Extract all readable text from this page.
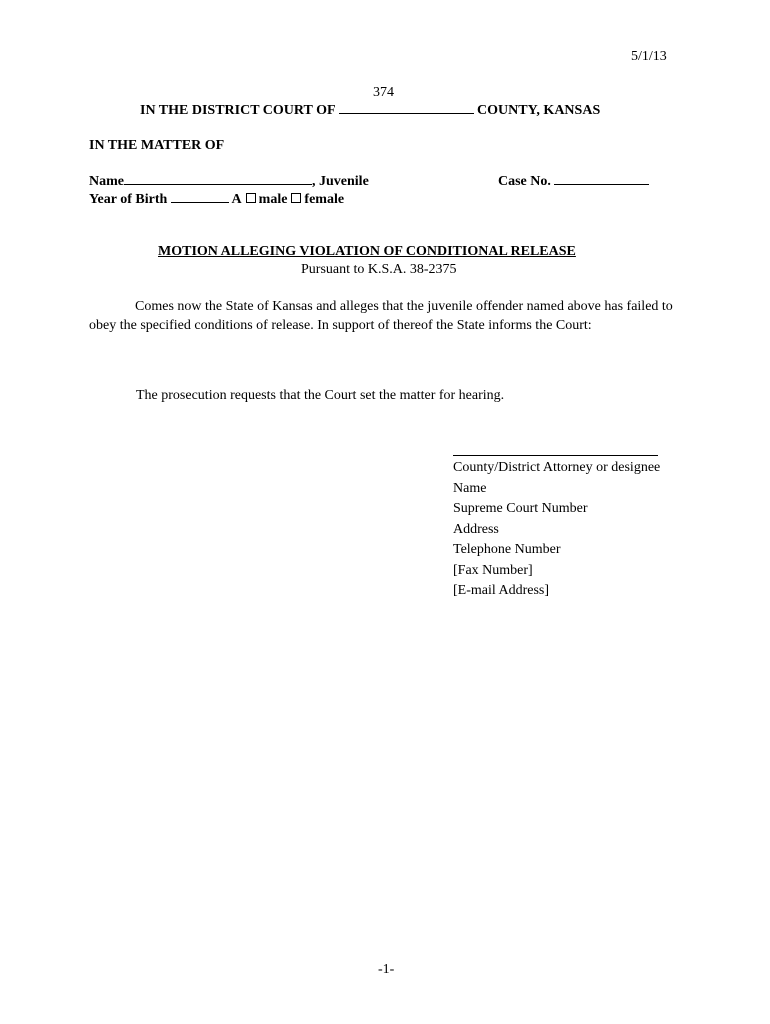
5/1/13
374
IN THE DISTRICT COURT OF	COUNTY, KANSAS
IN THE MATTER OF
Name	, Juvenile	Case No.
Year of Birth	A male female
MOTION ALLEGING VIOLATION OF CONDITIONAL RELEASE
Pursuant to K.S.A. 38-2375
Comes now the State of Kansas and alleges that the juvenile offender named above has failed to obey the specified conditions of release. In support of thereof the State informs the Court:
The prosecution requests that the Court set the matter for hearing.
County/District Attorney or designee
Name
Supreme Court Number
Address
Telephone Number
[Fax Number]
[E-mail Address]
-1-
